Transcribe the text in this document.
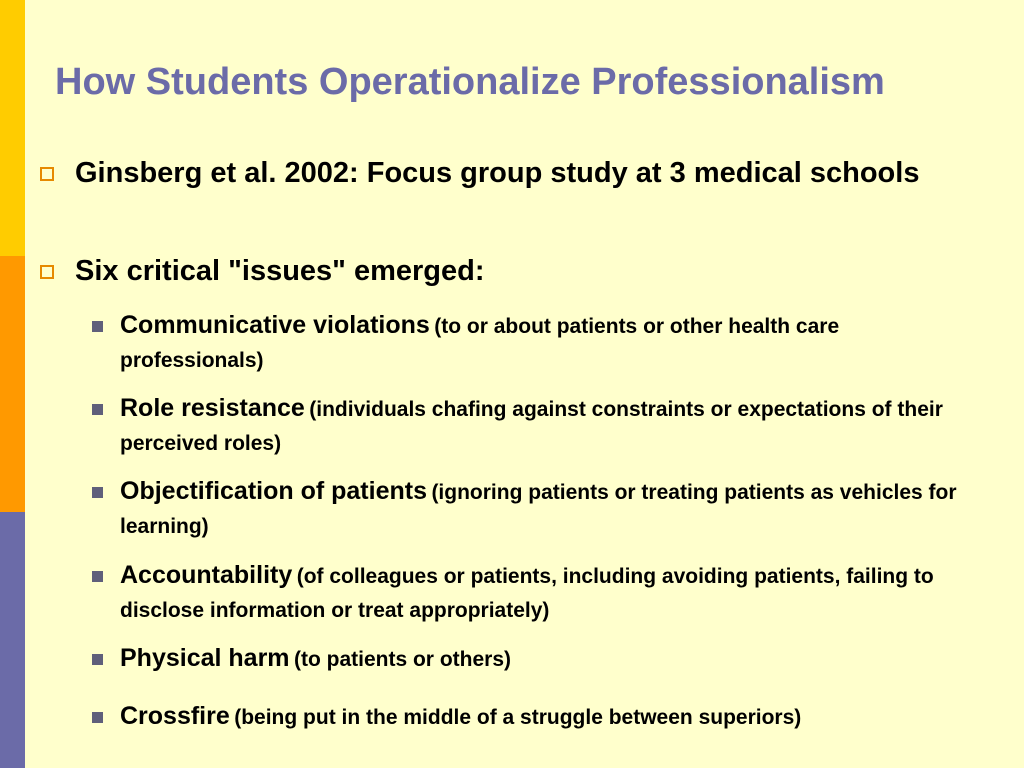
How Students Operationalize Professionalism
Ginsberg et al. 2002: Focus group study at 3 medical schools
Six critical "issues" emerged:
Communicative violations (to or about patients or other health care professionals)
Role resistance (individuals chafing against constraints or expectations of their perceived roles)
Objectification of patients (ignoring patients or treating patients as vehicles for learning)
Accountability (of colleagues or patients, including avoiding patients, failing to disclose information or treat appropriately)
Physical harm (to patients or others)
Crossfire (being put in the middle of a struggle between superiors)
